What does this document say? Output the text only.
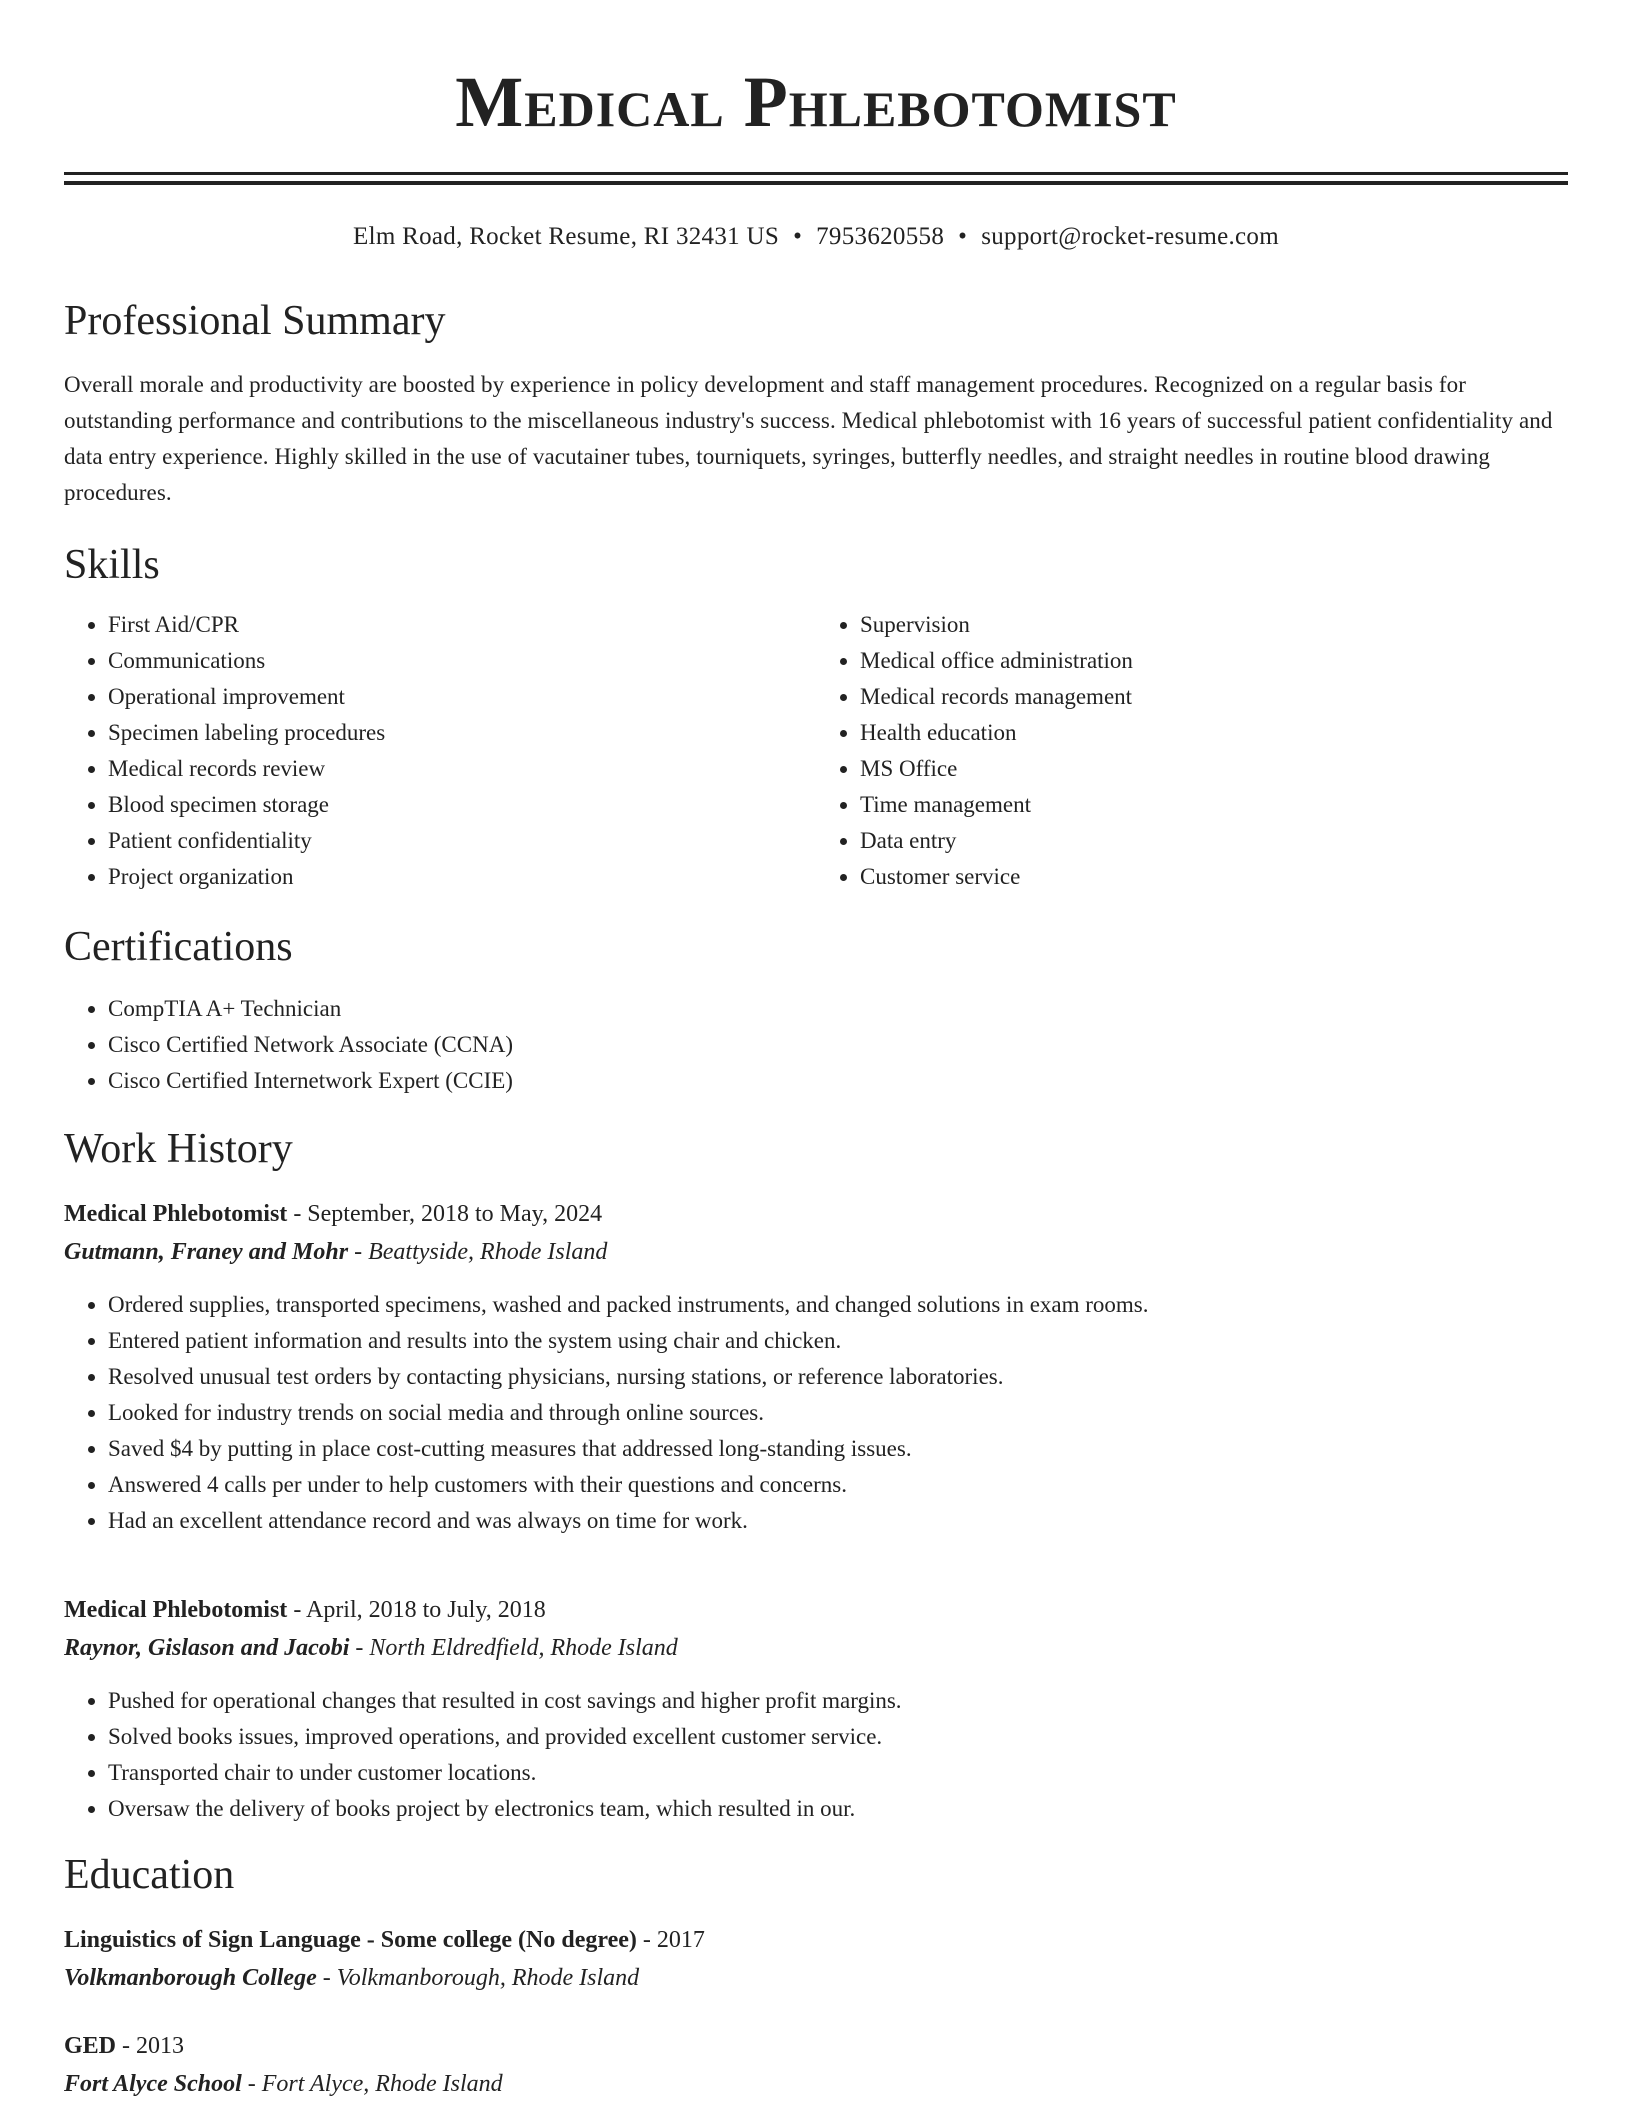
Medical Phlebotomist
Elm Road, Rocket Resume, RI 32431 US • 7953620558 • support@rocket-resume.com
Professional Summary
Overall morale and productivity are boosted by experience in policy development and staff management procedures. Recognized on a regular basis for outstanding performance and contributions to the miscellaneous industry's success. Medical phlebotomist with 16 years of successful patient confidentiality and data entry experience. Highly skilled in the use of vacutainer tubes, tourniquets, syringes, butterfly needles, and straight needles in routine blood drawing procedures.
Skills
• First Aid/CPR
• Communications
• Operational improvement
• Specimen labeling procedures
• Medical records review
• Blood specimen storage
• Patient confidentiality
• Project organization
• Supervision
• Medical office administration
• Medical records management
• Health education
• MS Office
• Time management
• Data entry
• Customer service
Certifications
• CompTIA A+ Technician
• Cisco Certified Network Associate (CCNA)
• Cisco Certified Internetwork Expert (CCIE)
Work History
Medical Phlebotomist - September, 2018 to May, 2024
Gutmann, Franey and Mohr - Beattyside, Rhode Island
• Ordered supplies, transported specimens, washed and packed instruments, and changed solutions in exam rooms.
• Entered patient information and results into the system using chair and chicken.
• Resolved unusual test orders by contacting physicians, nursing stations, or reference laboratories.
• Looked for industry trends on social media and through online sources.
• Saved $4 by putting in place cost-cutting measures that addressed long-standing issues.
• Answered 4 calls per under to help customers with their questions and concerns.
• Had an excellent attendance record and was always on time for work.
Medical Phlebotomist - April, 2018 to July, 2018
Raynor, Gislason and Jacobi - North Eldredfield, Rhode Island
• Pushed for operational changes that resulted in cost savings and higher profit margins.
• Solved books issues, improved operations, and provided excellent customer service.
• Transported chair to under customer locations.
• Oversaw the delivery of books project by electronics team, which resulted in our.
Education
Linguistics of Sign Language - Some college (No degree) - 2017
Volkmanborough College - Volkmanborough, Rhode Island
GED - 2013
Fort Alyce School - Fort Alyce, Rhode Island
